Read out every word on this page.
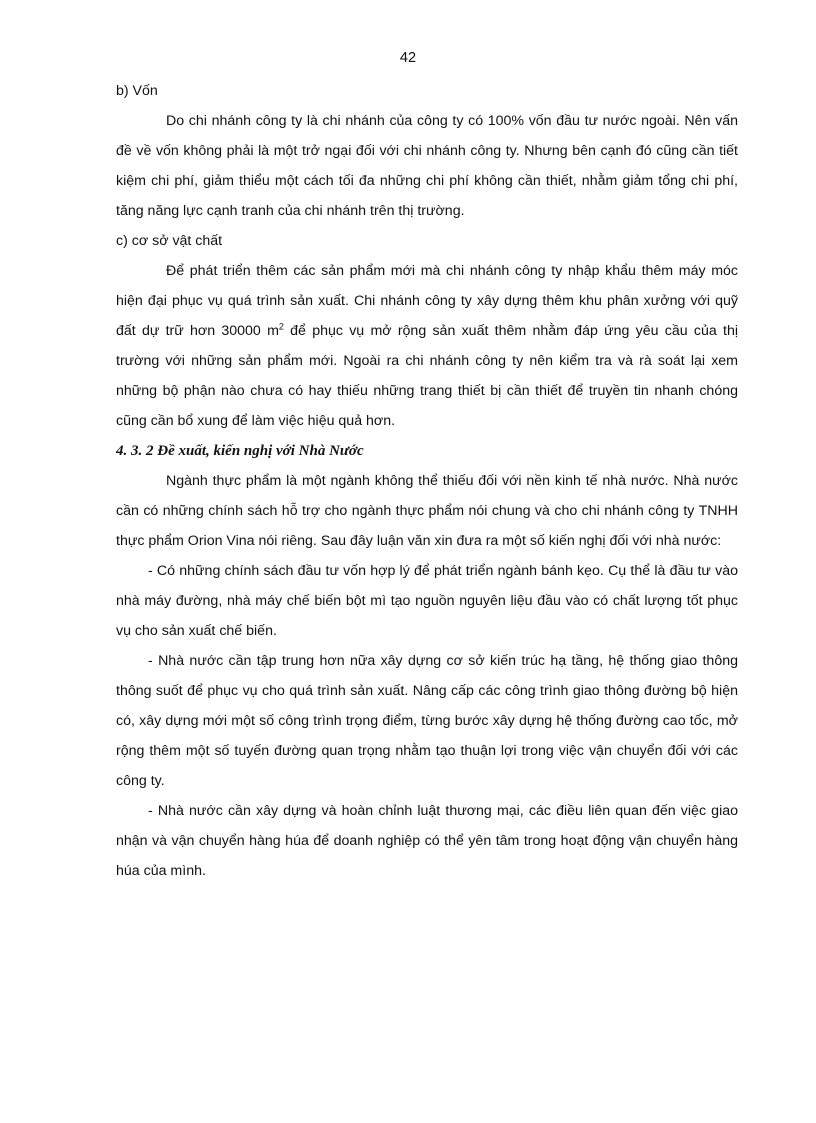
42

b) Vốn

Do chi nhánh công ty là chi nhánh của công ty có 100% vốn đầu tư nước ngoài. Nên vấn đề về vốn không phải là một trở ngại đối với chi nhánh công ty. Nhưng bên cạnh đó cũng cần tiết kiệm chi phí, giảm thiểu một cách tối đa những chi phí không cần thiết, nhằm giảm tổng chi phí, tăng năng lực cạnh tranh của chi nhánh trên thị trường.

c) cơ sở vật chất

Để phát triển thêm các sản phẩm mới mà chi nhánh công ty nhập khẩu thêm máy móc hiện đại phục vụ quá trình sản xuất. Chi nhánh công ty xây dựng thêm khu phân xưởng với quỹ đất dự trữ hơn 30000 $m^2$ để phục vụ mở rộng sản xuất thêm nhằm đáp ứng yêu cầu của thị trường với những sản phẩm mới. Ngoài ra chi nhánh công ty nên kiểm tra và rà soát lại xem những bộ phận nào chưa có hay thiếu những trang thiết bị cần thiết để truyền tin nhanh chóng cũng cần bổ xung để làm việc hiệu quả hơn.

4. 3. 2 Đề xuất, kiến nghị với Nhà Nước

Ngành thực phẩm là một ngành không thể thiếu đối với nền kinh tế nhà nước. Nhà nước cần có những chính sách hỗ trợ cho ngành thực phẩm nói chung và cho chi nhánh công ty TNHH thực phẩm Orion Vina nói riêng. Sau đây luận văn xin đưa ra một số kiến nghị đối với nhà nước:

- Có những chính sách đầu tư vốn hợp lý để phát triển ngành bánh kẹo. Cụ thể là đầu tư vào nhà máy đường, nhà máy chế biến bột mì tạo nguồn nguyên liệu đầu vào có chất lượng tốt phục vụ cho sản xuất chế biến.

- Nhà nước cần tập trung hơn nữa xây dựng cơ sở kiến trúc hạ tầng, hệ thống giao thông thông suốt để phục vụ cho quá trình sản xuất. Nâng cấp các công trình giao thông đường bộ hiện có, xây dựng mới một số công trình trọng điểm, từng bước xây dựng hệ thống đường cao tốc, mở rộng thêm một số tuyến đường quan trọng nhằm tạo thuận lợi trong việc vận chuyển đối với các công ty.

- Nhà nước cần xây dựng và hoàn chỉnh luật thương mại, các điều liên quan đến việc giao nhận và vận chuyển hàng húa để doanh nghiệp có thể yên tâm trong hoạt động vận chuyển hàng húa của mình.
